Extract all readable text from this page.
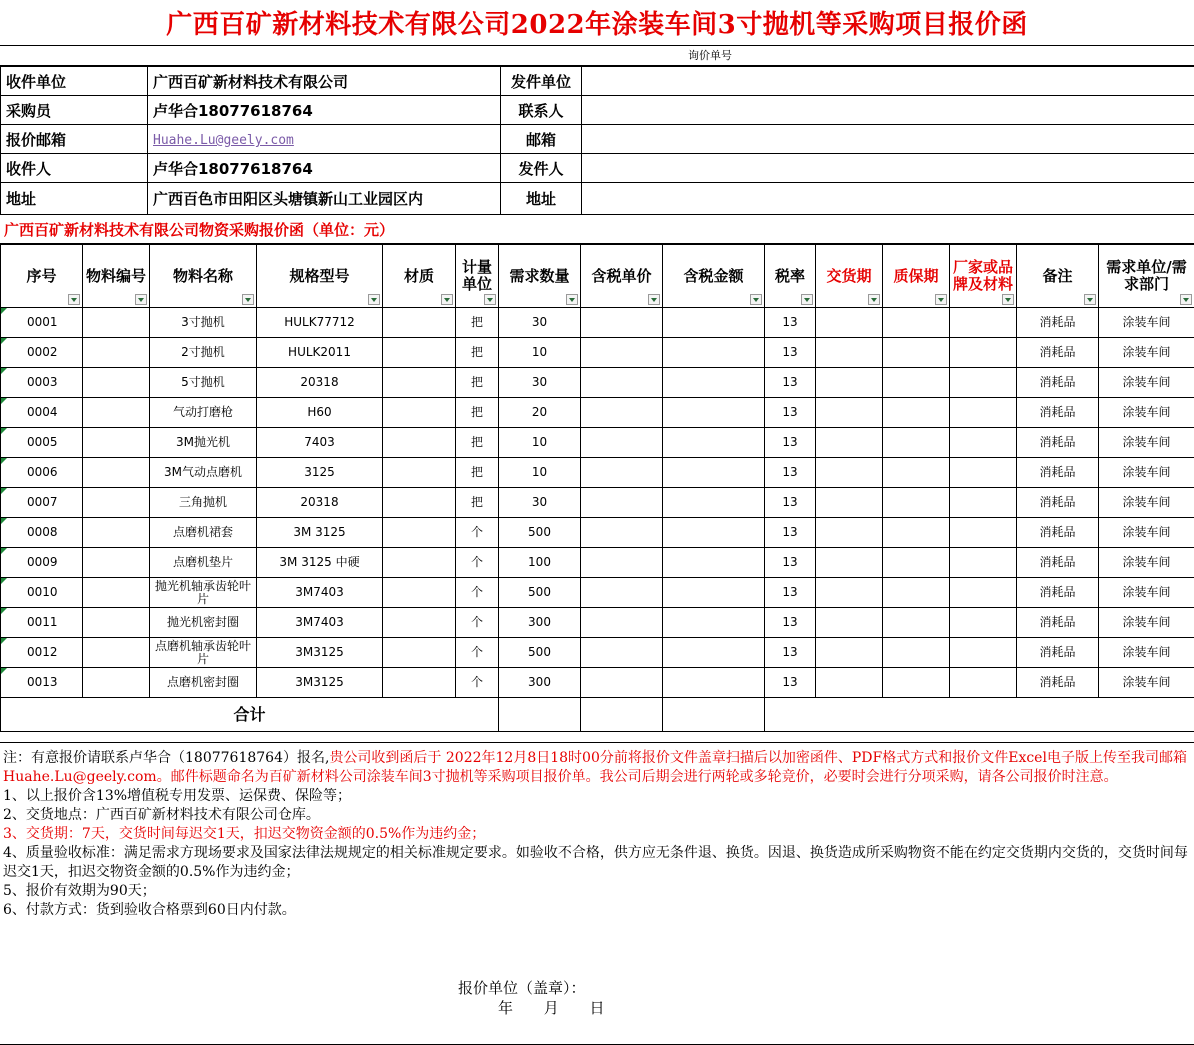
广西百矿新材料技术有限公司2022年涂装车间3寸抛机等采购项目报价函
询价单号
收件单位	广西百矿新材料技术有限公司	发件单位	
采购员	卢华合18077618764	联系人	
报价邮箱	Huahe.Lu@geely.com	邮箱	
收件人	卢华合18077618764	发件人	
地址	广西百色市田阳区头塘镇新山工业园区内	地址	
广西百矿新材料技术有限公司物资采购报价函（单位：元）
序号	物料编号	物料名称	规格型号	材质	计量单位	需求数量	含税单价	含税金额	税率	交货期	质保期	厂家或品牌及材料	备注	需求单位/需求部门

0001		3寸抛机	HULK77712		把	30			13				消耗品	涂装车间
0002		2寸抛机	HULK2011		把	10			13				消耗品	涂装车间
0003		5寸抛机	20318		把	30			13				消耗品	涂装车间
0004		气动打磨枪	H60		把	20			13				消耗品	涂装车间
0005		3M抛光机	7403		把	10			13				消耗品	涂装车间
0006		3M气动点磨机	3125		把	10			13				消耗品	涂装车间
0007		三角抛机	20318		把	30			13				消耗品	涂装车间
0008		点磨机裙套	3M 3125		个	500			13				消耗品	涂装车间
0009		点磨机垫片	3M 3125 中硬		个	100			13				消耗品	涂装车间
0010		抛光机轴承齿轮叶片	3M7403		个	500			13				消耗品	涂装车间
0011		抛光机密封圈	3M7403		个	300			13				消耗品	涂装车间
0012		点磨机轴承齿轮叶片	3M3125		个	500			13				消耗品	涂装车间
0013		点磨机密封圈	3M3125		个	300			13				消耗品	涂装车间
合计														

注：有意报价请联系卢华合（18077618764）报名,贵公司收到函后于 2022年12月8日18时00分前将报价文件盖章扫描后以加密函件、PDF格式方式和报价文件Excel电子版上传至我司邮箱Huahe.Lu@geely.com。邮件标题命名为百矿新材料公司涂装车间3寸抛机等采购项目报价单。我公司后期会进行两轮或多轮竞价，必要时会进行分项采购，请各公司报价时注意。

1、以上报价含13%增值税专用发票、运保费、保险等；

2、交货地点：广西百矿新材料技术有限公司仓库。

3、交货期：7天，交货时间每迟交1天，扣迟交物资金额的0.5%作为违约金；

4、质量验收标准：满足需求方现场要求及国家法律法规规定的相关标准规定要求。如验收不合格，供方应无条件退、换货。因退、换货造成所采购物资不能在约定交货期内交货的，交货时间每迟交1天，扣迟交物资金额的0.5%作为违约金；

5、报价有效期为90天；

6、付款方式：货到验收合格票到60日内付款。

报价单位（盖章）：
年 月 日
